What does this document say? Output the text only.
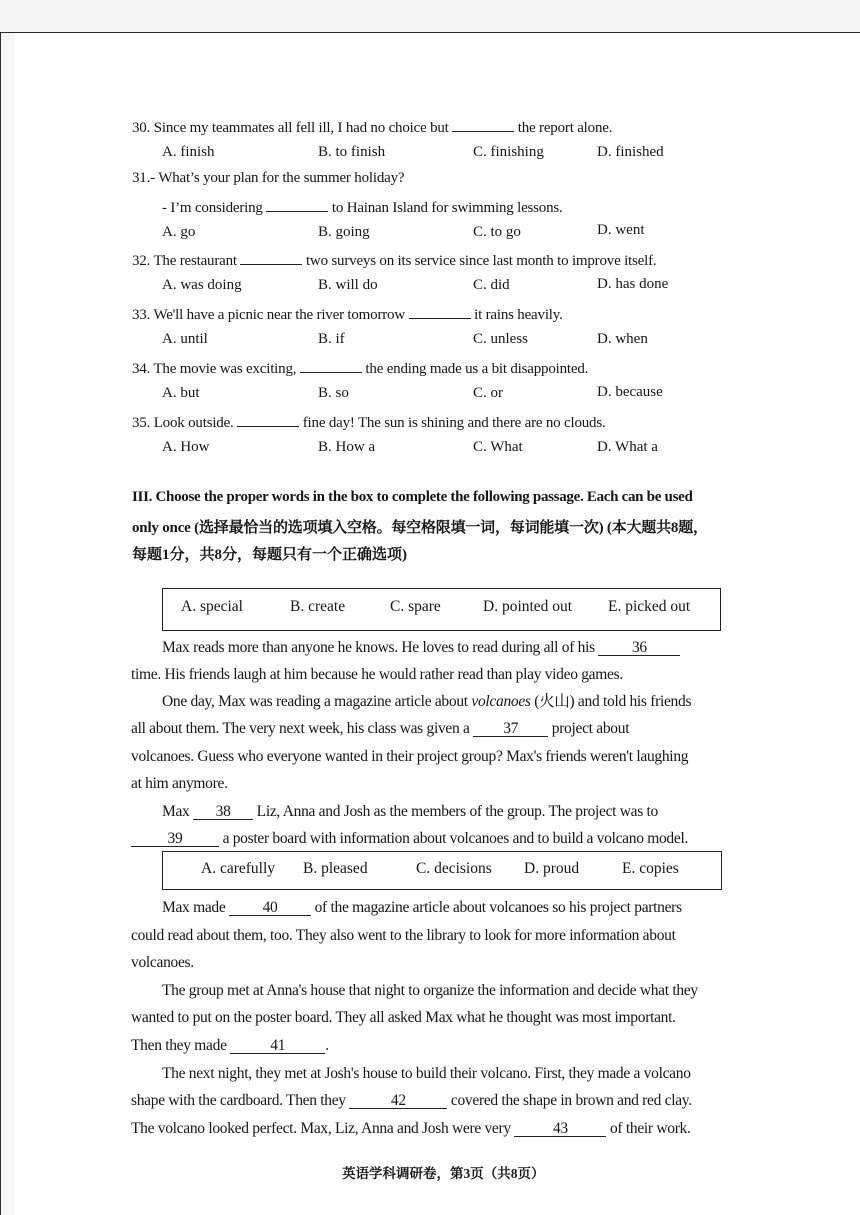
30. Since my teammates all fell ill, I had no choice but	the report alone.
A. finish	B. to finish	C. finishing	D. finished
31.- What’s your plan for the summer holiday?
- I’m considering	to Hainan Island for swimming lessons.
A. go	B. going	C. to go	D. went
32. The restaurant	two surveys on its service since last month to improve itself.
A. was doing	B. will do	C. did	D. has done
33. We'll have a picnic near the river tomorrow	it rains heavily.
A. until	B. if	C. unless	D. when
34. The movie was exciting,	the ending made us a bit disappointed.
A. but	B. so	C. or	D. because
35. Look outside.	fine day! The sun is shining and there are no clouds.
A. How	B. How a	C. What	D. What a
III. Choose the proper words in the box to complete the following passage. Each can be used
only once (选择最恰当的选项填入空格。每空格限填一词，每词能填一次) (本大题共8题，
每题1分，共8分，每题只有一个正确选项)
A. special	B. create	C. spare	D. pointed out E. picked out
Max reads more than anyone he knows. He loves to read during all of his 36
time. His friends laugh at him because he would rather read than play video games.
One day, Max was reading a magazine article about volcanoes (火山) and told his friends
all about them. The very next week, his class was given a 37 project about
volcanoes. Guess who everyone wanted in their project group? Max's friends weren't laughing
at him anymore.
Max 38 Liz, Anna and Josh as the members of the group. The project was to
39	a poster board with information about volcanoes and to build a volcano model.
A. carefully B. pleased	C. decisions D. proud	E. copies
Max made 40 of the magazine article about volcanoes so his project partners
could read about them, too. They also went to the library to look for more information about
volcanoes.
The group met at Anna's house that night to organize the information and decide what they
wanted to put on the poster board. They all asked Max what he thought was most important.
Then they made	41	.
The next night, they met at Josh's house to build their volcano. First, they made a volcano
shape with the cardboard. Then they	42	covered the shape in brown and red clay.
The volcano looked perfect. Max, Liz, Anna and Josh were very	43	of their work.
英语学科调研卷，第3页（共8页）
